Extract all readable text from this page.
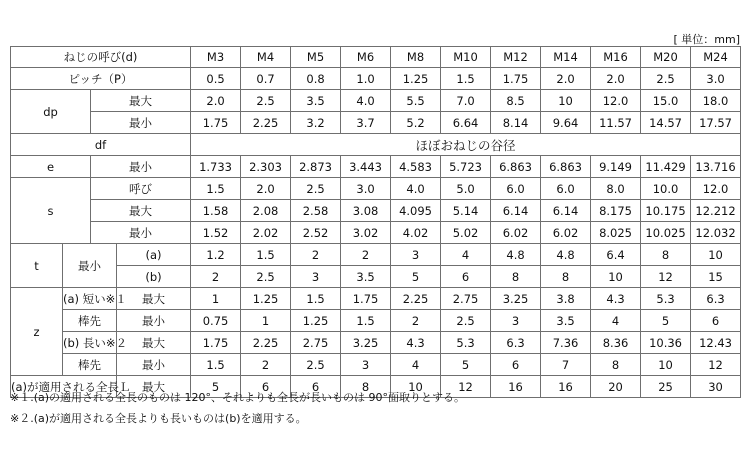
[ 単位：mm]
ねじの呼び(d)				M3	M4	M5	M6	M8	M10	M12	M14	M16	M20	M24
ピッチ（P）				0.5	0.7	0.8	1.0	1.25	1.5	1.75	2.0	2.0	2.5	3.0
dp		最大		2.0	2.5	3.5	4.0	5.5	7.0	8.5	10	12.0	15.0	18.0
		最小		1.75	2.25	3.2	3.7	5.2	6.64	8.14	9.64	11.57	14.57	17.57
df				ほぼおねじの谷径										
e		最小		1.733	2.303	2.873	3.443	4.583	5.723	6.863	6.863	9.149	11.429	13.716
s		呼び		1.5	2.0	2.5	3.0	4.0	5.0	6.0	6.0	8.0	10.0	12.0
		最大		1.58	2.08	2.58	3.08	4.095	5.14	6.14	6.14	8.175	10.175	12.212
		最小		1.52	2.02	2.52	3.02	4.02	5.02	6.02	6.02	8.025	10.025	12.032
t	最小		(a)	1.2	1.5	2	2	3	4	4.8	4.8	6.4	8	10
			(b)	2	2.5	3	3.5	5	6	8	8	10	12	15
z	(a) 短い※１		最大	1	1.25	1.5	1.75	2.25	2.75	3.25	3.8	4.3	5.3	6.3
	棒先		最小	0.75	1	1.25	1.5	2	2.5	3	3.5	4	5	6
	(b) 長い※２		最大	1.75	2.25	2.75	3.25	4.3	5.3	6.3	7.36	8.36	10.36	12.43
	棒先		最小	1.5	2	2.5	3	4	5	6	7	8	10	12
(a)が適用される全長Ｌ			最大	5	6	6	8	10	12	16	16	20	25	30
※１.(a)の適用される全長のものは 120°、それよりも全長が長いものは 90°面取りとする。
※２.(a)が適用される全長よりも長いものは(b)を適用する。
